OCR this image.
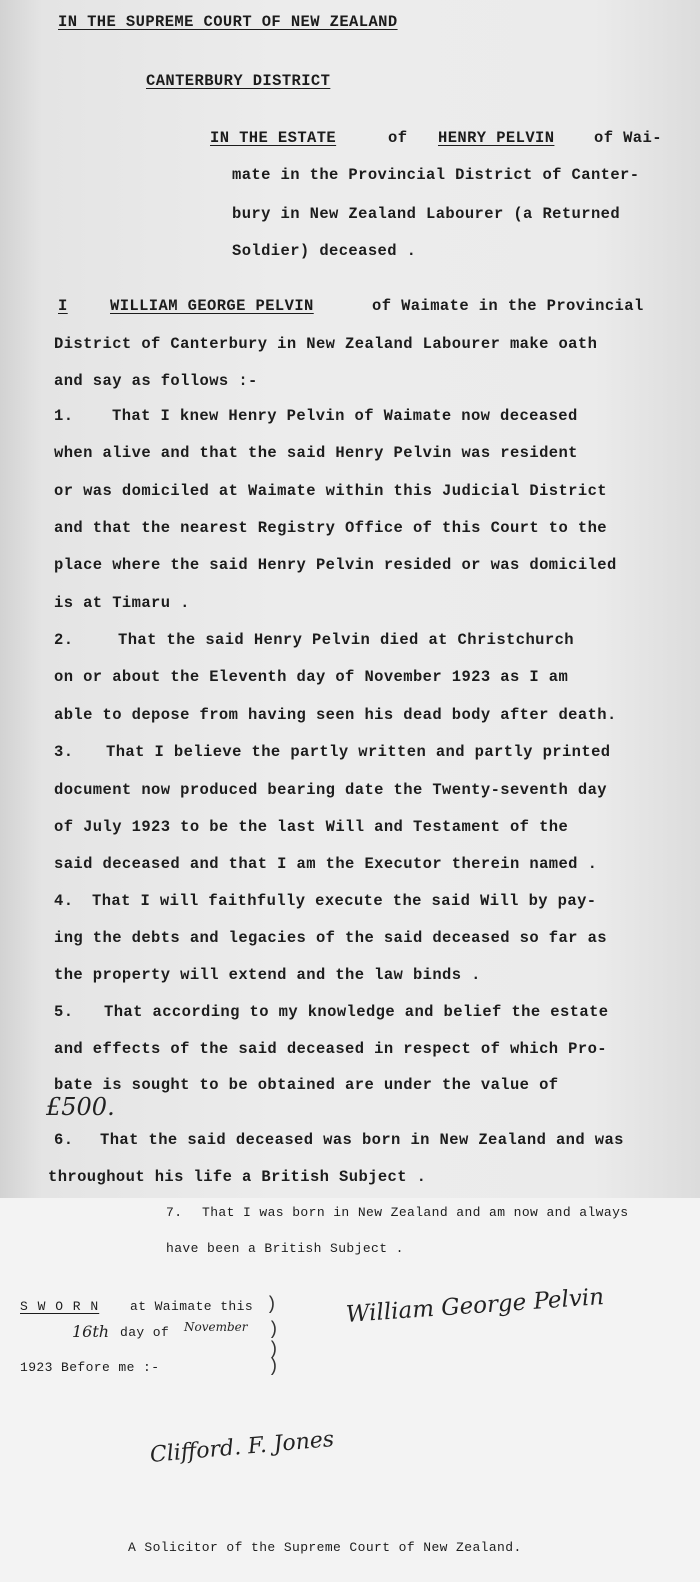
IN THE SUPREME COURT OF NEW ZEALAND
CANTERBURY DISTRICT
IN THE ESTATE	of HENRY PELVIN	of Wai-
mate in the Provincial District of Canter-
bury in New Zealand Labourer (a Returned
Soldier) deceased .
I	WILLIAM GEORGE PELVIN	of Waimate in the Provincial
District of Canterbury in New Zealand Labourer make oath
and say as follows :-
1. That I knew Henry Pelvin of Waimate now deceased
when alive and that the said Henry Pelvin was resident
or was domiciled at Waimate within this Judicial District
and that the nearest Registry Office of this Court to the
place where the said Henry Pelvin resided or was domiciled
is at Timaru .
2.	That the said Henry Pelvin died at Christchurch
on or about the Eleventh day of November 1923 as I am
able to depose from having seen his dead body after death.
3. That I believe the partly written and partly printed
document now produced bearing date the Twenty-seventh day
of July 1923 to be the last Will and Testament of the
said deceased and that I am the Executor therein named .
4. That I will faithfully execute the said Will by pay-
ing the debts and legacies of the said deceased so far as
the property will extend and the law binds .
5. That according to my knowledge and belief the estate
and effects of the said deceased in respect of which Pro-
bate is sought to be obtained are under the value of
£500.
6. That the said deceased was born in New Zealand and was
throughout his life a British Subject .
7. That I was born in New Zealand and am now and always
have been a British Subject .
S W O R N at Waimate this )
16th day of November )
)
1923 Before me :-	)
William George Pelvin
Clifford. F. Jones
A Solicitor of the Supreme Court of New Zealand.
